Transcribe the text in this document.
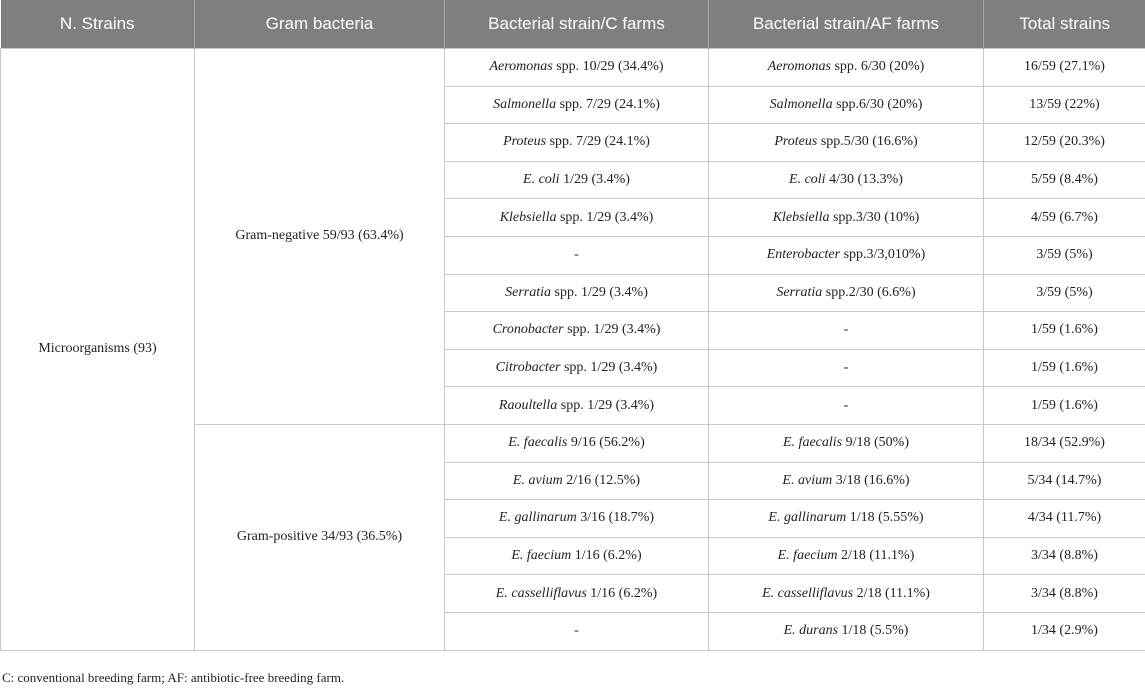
N. Strains	Gram bacteria	Bacterial strain/C farms	Bacterial strain/AF farms	Total strains
Microorganisms (93)	Gram-negative 59/93 (63.4%)	Aeromonas spp. 10/29 (34.4%)	Aeromonas spp. 6/30 (20%)	16/59 (27.1%)
		Salmonella spp. 7/29 (24.1%)	Salmonella spp.6/30 (20%)	13/59 (22%)
		Proteus spp. 7/29 (24.1%)	Proteus spp.5/30 (16.6%)	12/59 (20.3%)
		E. coli 1/29 (3.4%)	E. coli 4/30 (13.3%)	5/59 (8.4%)
		Klebsiella spp. 1/29 (3.4%)	Klebsiella spp.3/30 (10%)	4/59 (6.7%)
		-	Enterobacter spp.3/3,010%)	3/59 (5%)
		Serratia spp. 1/29 (3.4%)	Serratia spp.2/30 (6.6%)	3/59 (5%)
		Cronobacter spp. 1/29 (3.4%)	-	1/59 (1.6%)
		Citrobacter spp. 1/29 (3.4%)	-	1/59 (1.6%)
		Raoultella spp. 1/29 (3.4%)	-	1/59 (1.6%)
	Gram-positive 34/93 (36.5%)	E. faecalis 9/16 (56.2%)	E. faecalis 9/18 (50%)	18/34 (52.9%)
		E. avium 2/16 (12.5%)	E. avium 3/18 (16.6%)	5/34 (14.7%)
		E. gallinarum 3/16 (18.7%)	E. gallinarum 1/18 (5.55%)	4/34 (11.7%)
		E. faecium 1/16 (6.2%)	E. faecium 2/18 (11.1%)	3/34 (8.8%)
		E. casselliflavus 1/16 (6.2%)	E. casselliflavus 2/18 (11.1%)	3/34 (8.8%)
		-	E. durans 1/18 (5.5%)	1/34 (2.9%)

C: conventional breeding farm; AF: antibiotic-free breeding farm.
